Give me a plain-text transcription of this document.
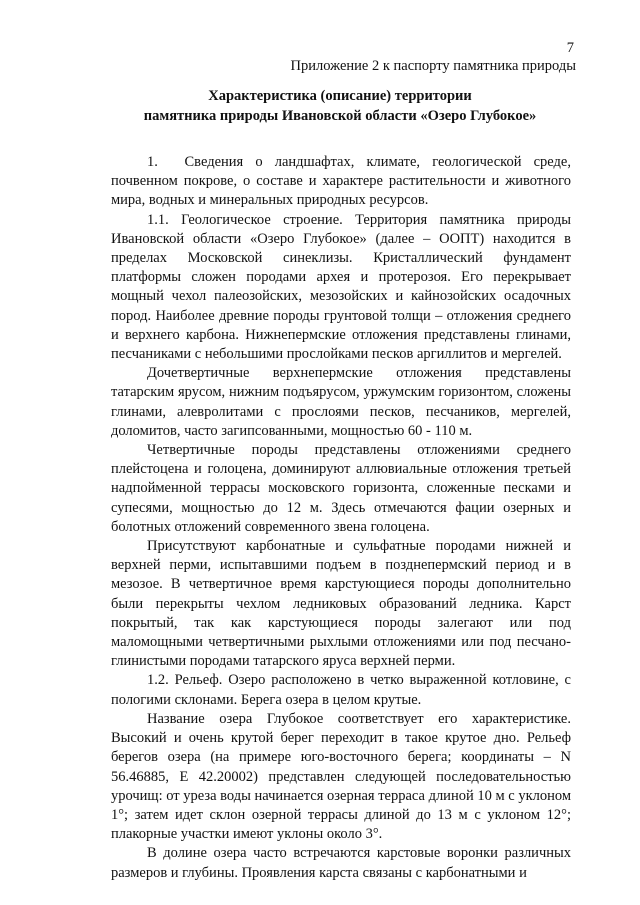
7
Приложение 2 к паспорту памятника природы
Характеристика (описание) территории
памятника природы Ивановской области «Озеро Глубокое»

1.  Сведения о ландшафтах, климате, геологической среде, почвенном покрове, о составе и характере растительности и животного мира, водных и минеральных природных ресурсов.

1.1. Геологическое строение. Территория памятника природы Ивановской области «Озеро Глубокое» (далее – ООПТ) находится в пределах Московской синеклизы. Кристаллический фундамент платформы сложен породами архея и протерозоя. Его перекрывает мощный чехол палеозойских, мезозойских и кайнозойских осадочных пород. Наиболее древние породы грунтовой толщи – отложения среднего и верхнего карбона. Нижнепермские отложения представлены глинами, песчаниками с небольшими прослойками песков аргиллитов и мергелей.

Дочетвертичные верхнепермские отложения представлены татарским ярусом, нижним подъярусом, уржумским горизонтом, сложены глинами, алевролитами с прослоями песков, песчаников, мергелей, доломитов, часто загипсованными, мощностью 60 - 110 м.

Четвертичные породы представлены отложениями среднего плейстоцена и голоцена, доминируют аллювиальные отложения третьей надпойменной террасы московского горизонта, сложенные песками и супесями, мощностью до 12 м. Здесь отмечаются фации озерных и болотных отложений современного звена голоцена.

Присутствуют карбонатные и сульфатные породами нижней и верхней перми, испытавшими подъем в позднепермский период и в мезозое. В четвертичное время карстующиеся породы дополнительно были перекрыты чехлом ледниковых образований ледника. Карст покрытый, так как карстующиеся породы залегают или под маломощными четвертичными рыхлыми отложениями или под песчано-глинистыми породами татарского яруса верхней перми.

1.2. Рельеф. Озеро расположено в четко выраженной котловине, с пологими склонами. Берега озера в целом крутые.

Название озера Глубокое соответствует его характеристике. Высокий и очень крутой берег переходит в такое крутое дно. Рельеф берегов озера (на примере юго-восточного берега; координаты – N 56.46885, E 42.20002) представлен следующей последовательностью урочищ: от уреза воды начинается озерная терраса длиной 10 м с уклоном 1°; затем идет склон озерной террасы длиной до 13 м с уклоном 12°; плакорные участки имеют уклоны около 3°.

В долине озера часто встречаются карстовые воронки различных размеров и глубины. Проявления карста связаны с карбонатными и
